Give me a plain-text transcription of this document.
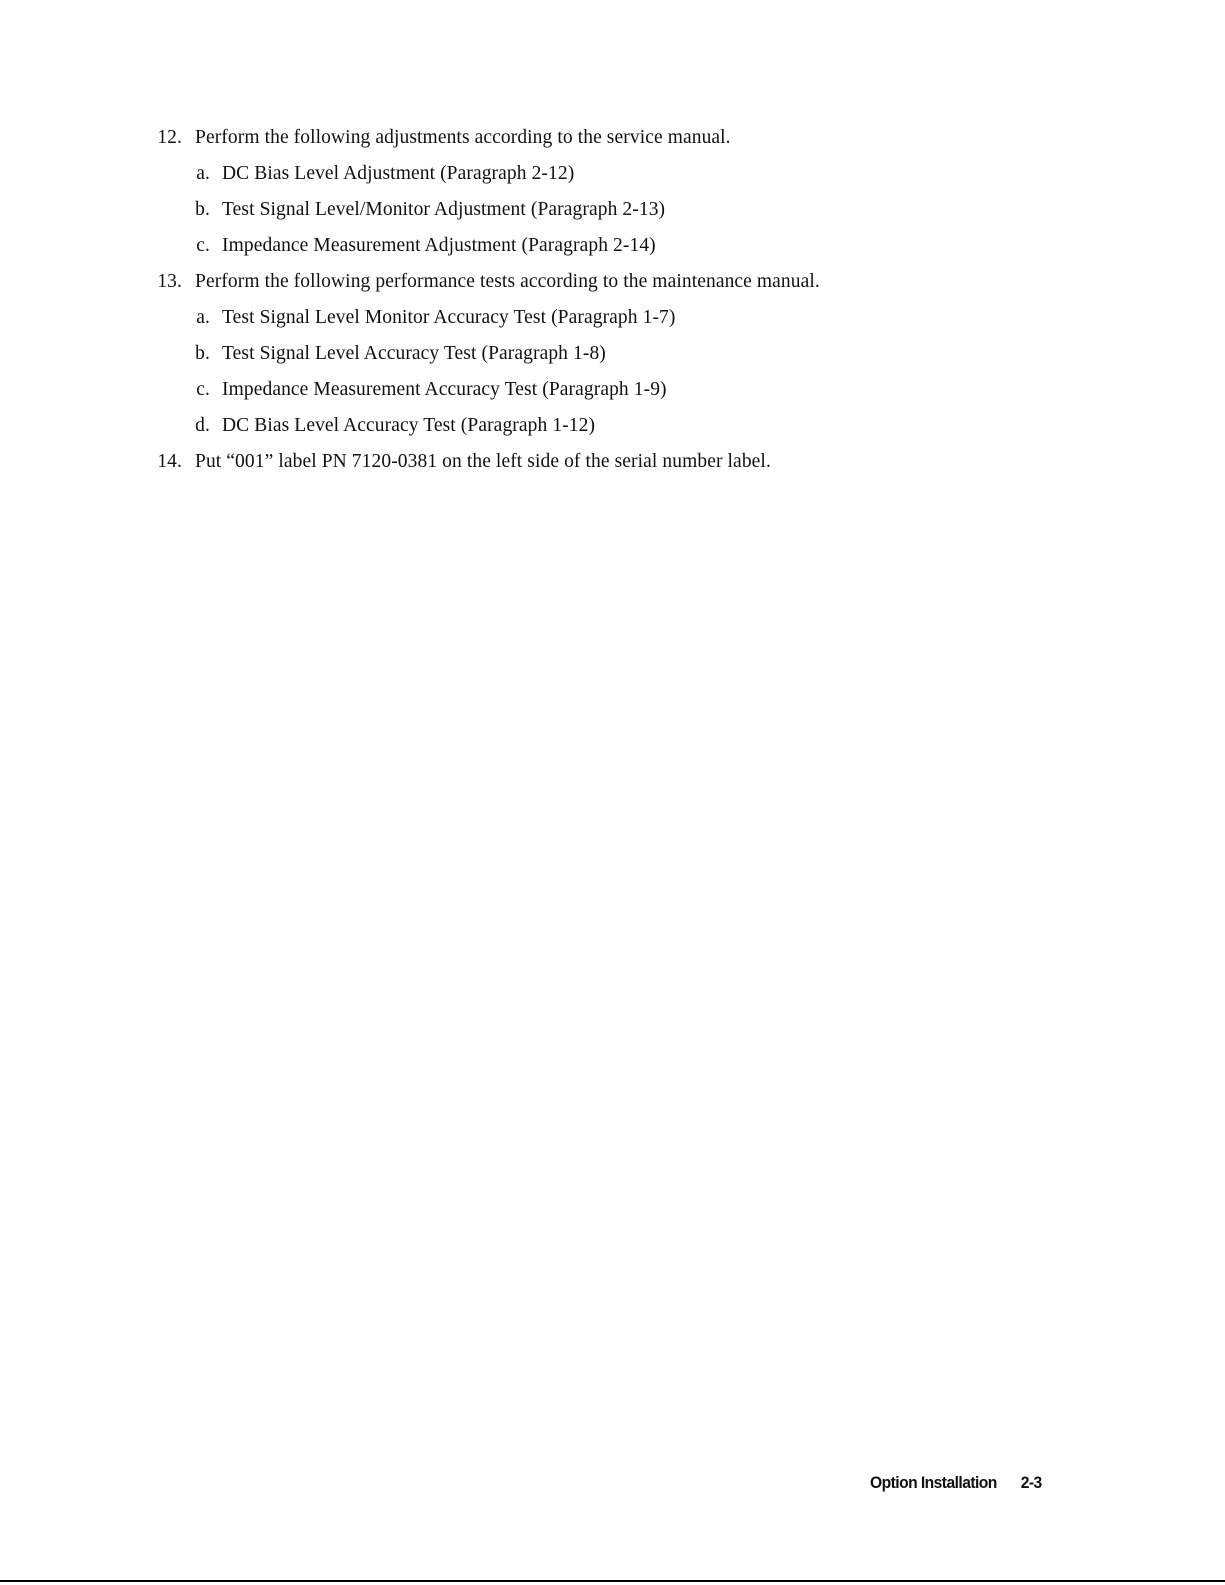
12. Perform the following adjustments according to the service manual.
a. DC Bias Level Adjustment (Paragraph 2-12)
b. Test Signal Level/Monitor Adjustment (Paragraph 2-13)
c. Impedance Measurement Adjustment (Paragraph 2-14)
13. Perform the following performance tests according to the maintenance manual.
a. Test Signal Level Monitor Accuracy Test (Paragraph 1-7)
b. Test Signal Level Accuracy Test (Paragraph 1-8)
c. Impedance Measurement Accuracy Test (Paragraph 1-9)
d. DC Bias Level Accuracy Test (Paragraph 1-12)
14. Put “001” label PN 7120-0381 on the left side of the serial number label.
Option Installation 2-3
